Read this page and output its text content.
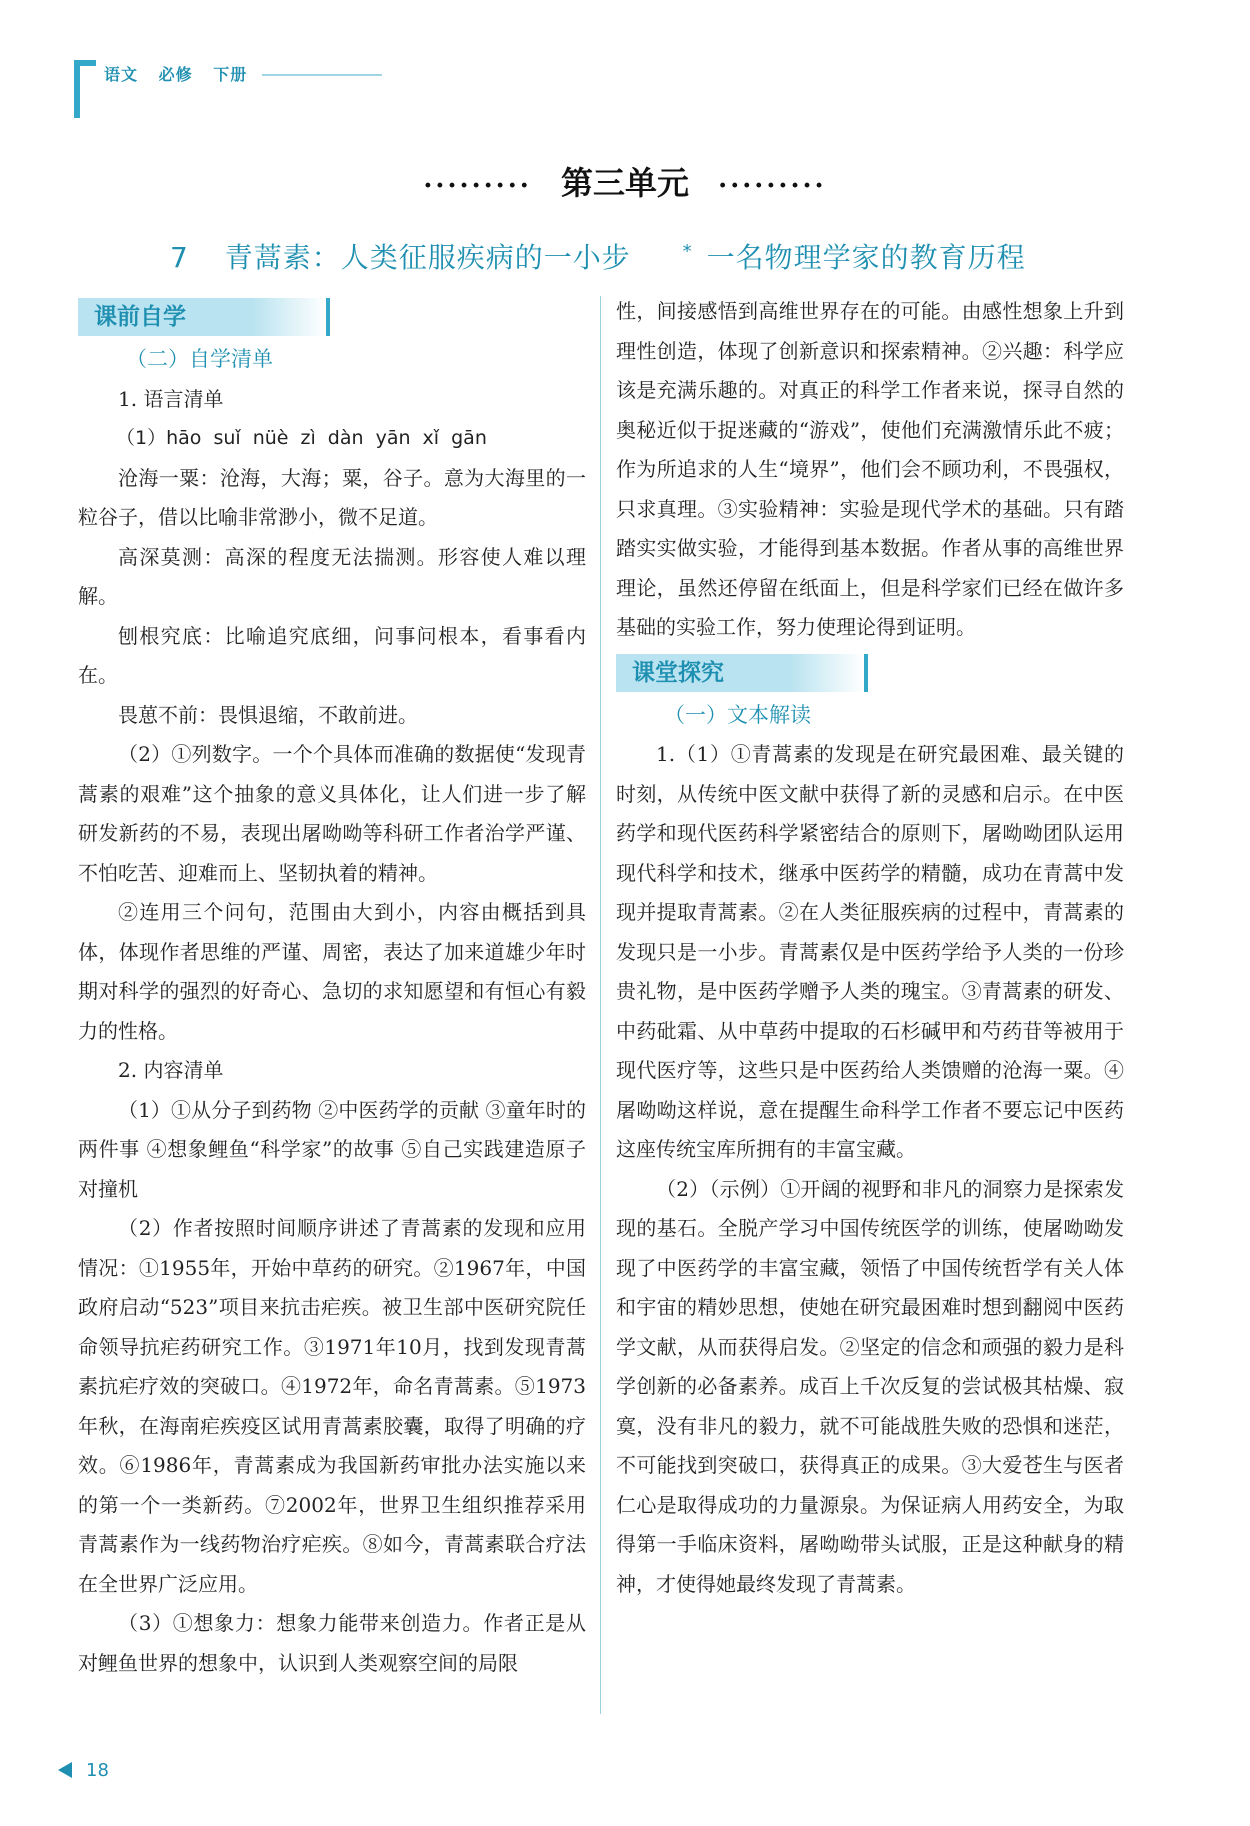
语文 必修 下册
········· 第三单元 ·········
7 青蒿素：人类征服疾病的一小步	* 一名物理学家的教育历程
课前自学
（二）自学清单

1. 语言清单

（1）hāo suǐ nüè zì dàn yān xǐ gān

沧海一粟：沧海，大海；粟，谷子。意为大海里的一粒谷子，借以比喻非常渺小，微不足道。

高深莫测：高深的程度无法揣测。形容使人难以理解。

刨根究底：比喻追究底细，问事问根本，看事看内在。

畏葸不前：畏惧退缩，不敢前进。

（2）①列数字。一个个具体而准确的数据使“发现青蒿素的艰难”这个抽象的意义具体化，让人们进一步了解研发新药的不易，表现出屠呦呦等科研工作者治学严谨、不怕吃苦、迎难而上、坚韧执着的精神。

②连用三个问句，范围由大到小，内容由概括到具体，体现作者思维的严谨、周密，表达了加来道雄少年时期对科学的强烈的好奇心、急切的求知愿望和有恒心有毅力的性格。

2. 内容清单

（1）①从分子到药物 ②中医药学的贡献 ③童年时的两件事 ④想象鲤鱼“科学家”的故事 ⑤自己实践建造原子对撞机

（2）作者按照时间顺序讲述了青蒿素的发现和应用情况：①1955年，开始中草药的研究。②1967年，中国政府启动“523”项目来抗击疟疾。被卫生部中医研究院任命领导抗疟药研究工作。③1971年10月，找到发现青蒿素抗疟疗效的突破口。④1972年，命名青蒿素。⑤1973年秋，在海南疟疾疫区试用青蒿素胶囊，取得了明确的疗效。⑥1986年，青蒿素成为我国新药审批办法实施以来的第一个一类新药。⑦2002年，世界卫生组织推荐采用青蒿素作为一线药物治疗疟疾。⑧如今，青蒿素联合疗法在全世界广泛应用。

（3）①想象力：想象力能带来创造力。作者正是从对鲤鱼世界的想象中，认识到人类观察空间的局限

性，间接感悟到高维世界存在的可能。由感性想象上升到理性创造，体现了创新意识和探索精神。②兴趣：科学应该是充满乐趣的。对真正的科学工作者来说，探寻自然的奥秘近似于捉迷藏的“游戏”，使他们充满激情乐此不疲；作为所追求的人生“境界”，他们会不顾功利，不畏强权，只求真理。③实验精神：实验是现代学术的基础。只有踏踏实实做实验，才能得到基本数据。作者从事的高维世界理论，虽然还停留在纸面上，但是科学家们已经在做许多基础的实验工作，努力使理论得到证明。

课堂探究
（一）文本解读

1.（1）①青蒿素的发现是在研究最困难、最关键的时刻，从传统中医文献中获得了新的灵感和启示。在中医药学和现代医药科学紧密结合的原则下，屠呦呦团队运用现代科学和技术，继承中医药学的精髓，成功在青蒿中发现并提取青蒿素。②在人类征服疾病的过程中，青蒿素的发现只是一小步。青蒿素仅是中医药学给予人类的一份珍贵礼物，是中医药学赠予人类的瑰宝。③青蒿素的研发、中药砒霜、从中草药中提取的石杉碱甲和芍药苷等被用于现代医疗等，这些只是中医药给人类馈赠的沧海一粟。④屠呦呦这样说，意在提醒生命科学工作者不要忘记中医药这座传统宝库所拥有的丰富宝藏。

（2）（示例）①开阔的视野和非凡的洞察力是探索发现的基石。全脱产学习中国传统医学的训练，使屠呦呦发现了中医药学的丰富宝藏，领悟了中国传统哲学有关人体和宇宙的精妙思想，使她在研究最困难时想到翻阅中医药学文献，从而获得启发。②坚定的信念和顽强的毅力是科学创新的必备素养。成百上千次反复的尝试极其枯燥、寂寞，没有非凡的毅力，就不可能战胜失败的恐惧和迷茫，不可能找到突破口，获得真正的成果。③大爱苍生与医者仁心是取得成功的力量源泉。为保证病人用药安全，为取得第一手临床资料，屠呦呦带头试服，正是这种献身的精神，才使得她最终发现了青蒿素。

18
